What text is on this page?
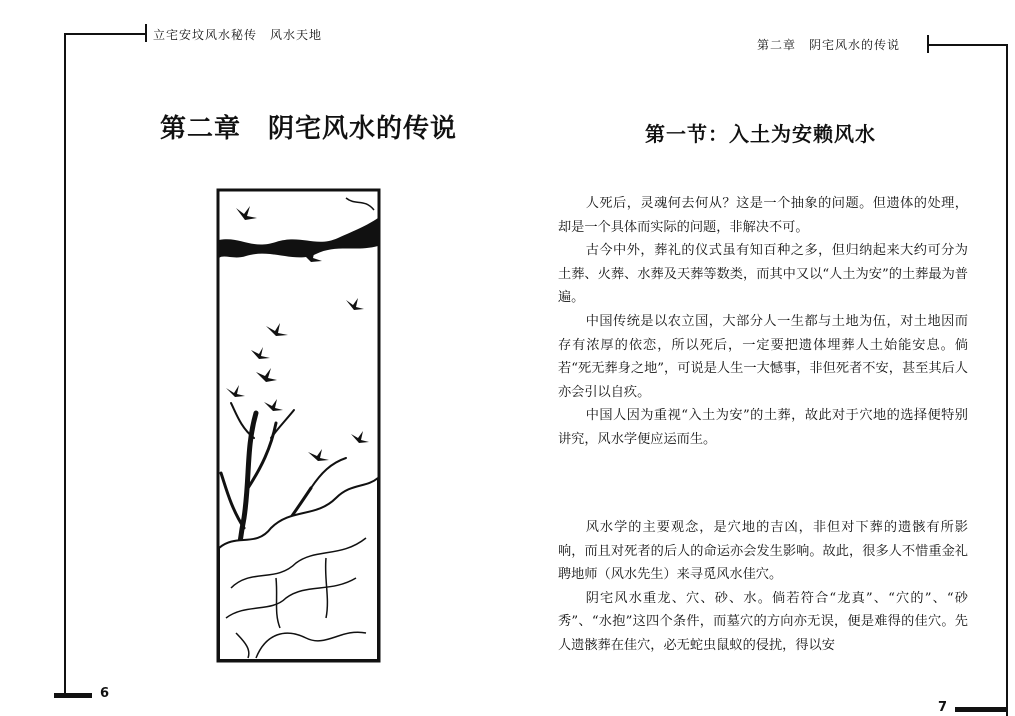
立宅安坟风水秘传　风水天地
第二章　阴宅风水的传说
第二章　阴宅风水的传说	第一节：入土为安赖风水

人死后，灵魂何去何从？这是一个抽象的问题。但遗体的处理，却是一个具体而实际的问题，非解决不可。

古今中外，葬礼的仪式虽有知百种之多，但归纳起来大约可分为土葬、火葬、水葬及天葬等数类，而其中又以“人土为安”的土葬最为普遍。

中国传统是以农立国，大部分人一生都与土地为伍，对土地因而存有浓厚的依恋，所以死后，一定要把遗体埋葬人土始能安息。倘若“死无葬身之地”，可说是人生一大憾事，非但死者不安，甚至其后人亦会引以自疚。

中国人因为重视“入土为安”的土葬，故此对于穴地的选择便特别讲究，风水学便应运而生。

风水学的主要观念，是穴地的吉凶，非但对下葬的遗骸有所影响，而且对死者的后人的命运亦会发生影响。故此，很多人不惜重金礼聘地师（风水先生）来寻觅风水佳穴。

阴宅风水重龙、穴、砂、水。倘若符合“龙真”、“穴的”、“砂秀”、“水抱”这四个条件，而墓穴的方向亦无误，便是难得的佳穴。先人遗骸葬在佳穴，必无蛇虫鼠蚁的侵扰，得以安

6
7
